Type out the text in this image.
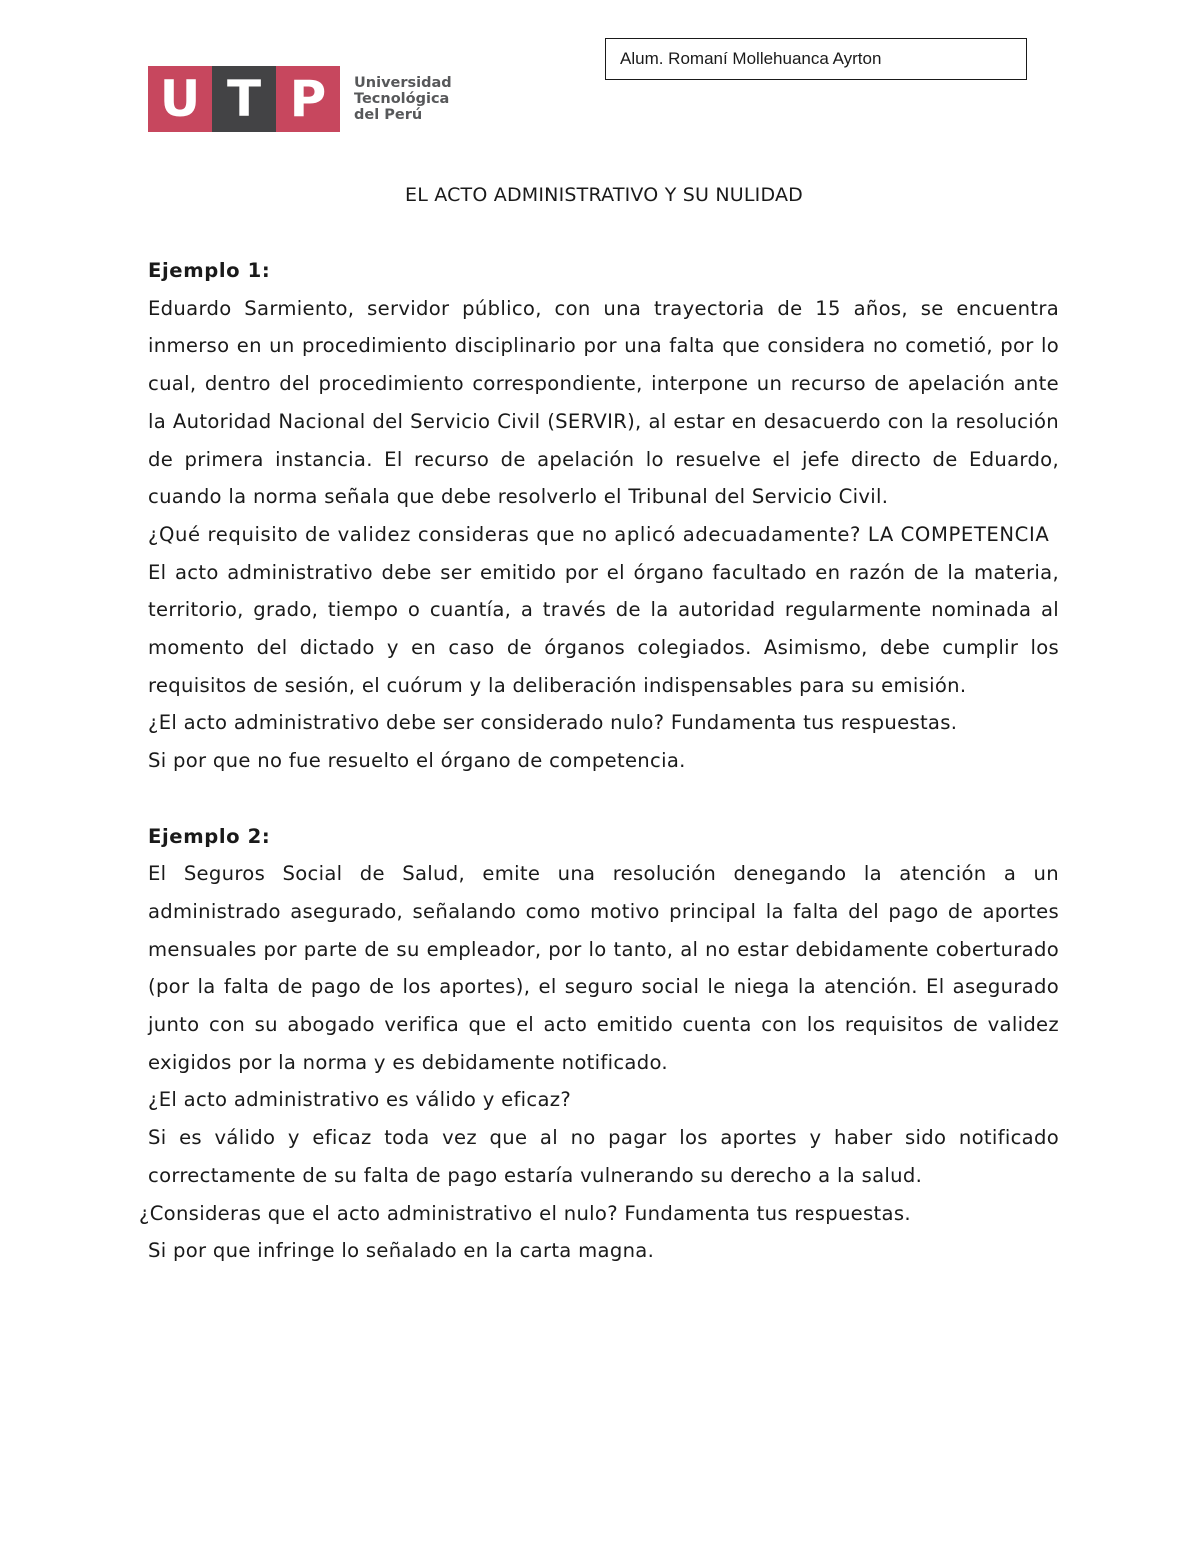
U T P	Universidad
Tecnológica
del Perú
Alum. Romaní Mollehuanca Ayrton
EL ACTO ADMINISTRATIVO Y SU NULIDAD

Ejemplo 1:

Eduardo Sarmiento, servidor público, con una trayectoria de 15 años, se encuentra inmerso en un procedimiento disciplinario por una falta que considera no cometió, por lo cual, dentro del procedimiento correspondiente, interpone un recurso de apelación ante la Autoridad Nacional del Servicio Civil (SERVIR), al estar en desacuerdo con la resolución de primera instancia. El recurso de apelación lo resuelve el jefe directo de Eduardo, cuando la norma señala que debe resolverlo el Tribunal del Servicio Civil.

¿Qué requisito de validez consideras que no aplicó adecuadamente? LA COMPETENCIA

El acto administrativo debe ser emitido por el órgano facultado en razón de la materia, territorio, grado, tiempo o cuantía, a través de la autoridad regularmente nominada al momento del dictado y en caso de órganos colegiados. Asimismo, debe cumplir los requisitos de sesión, el cuórum y la deliberación indispensables para su emisión.

¿El acto administrativo debe ser considerado nulo? Fundamenta tus respuestas.

Si por que no fue resuelto el órgano de competencia.

Ejemplo 2:

El Seguros Social de Salud, emite una resolución denegando la atención a un administrado asegurado, señalando como motivo principal la falta del pago de aportes mensuales por parte de su empleador, por lo tanto, al no estar debidamente coberturado (por la falta de pago de los aportes), el seguro social le niega la atención. El asegurado junto con su abogado verifica que el acto emitido cuenta con los requisitos de validez exigidos por la norma y es debidamente notificado.

¿El acto administrativo es válido y eficaz?

Si es válido y eficaz toda vez que al no pagar los aportes y haber sido notificado correctamente de su falta de pago estaría vulnerando su derecho a la salud.

¿Consideras que el acto administrativo el nulo? Fundamenta tus respuestas.

Si por que infringe lo señalado en la carta magna.
